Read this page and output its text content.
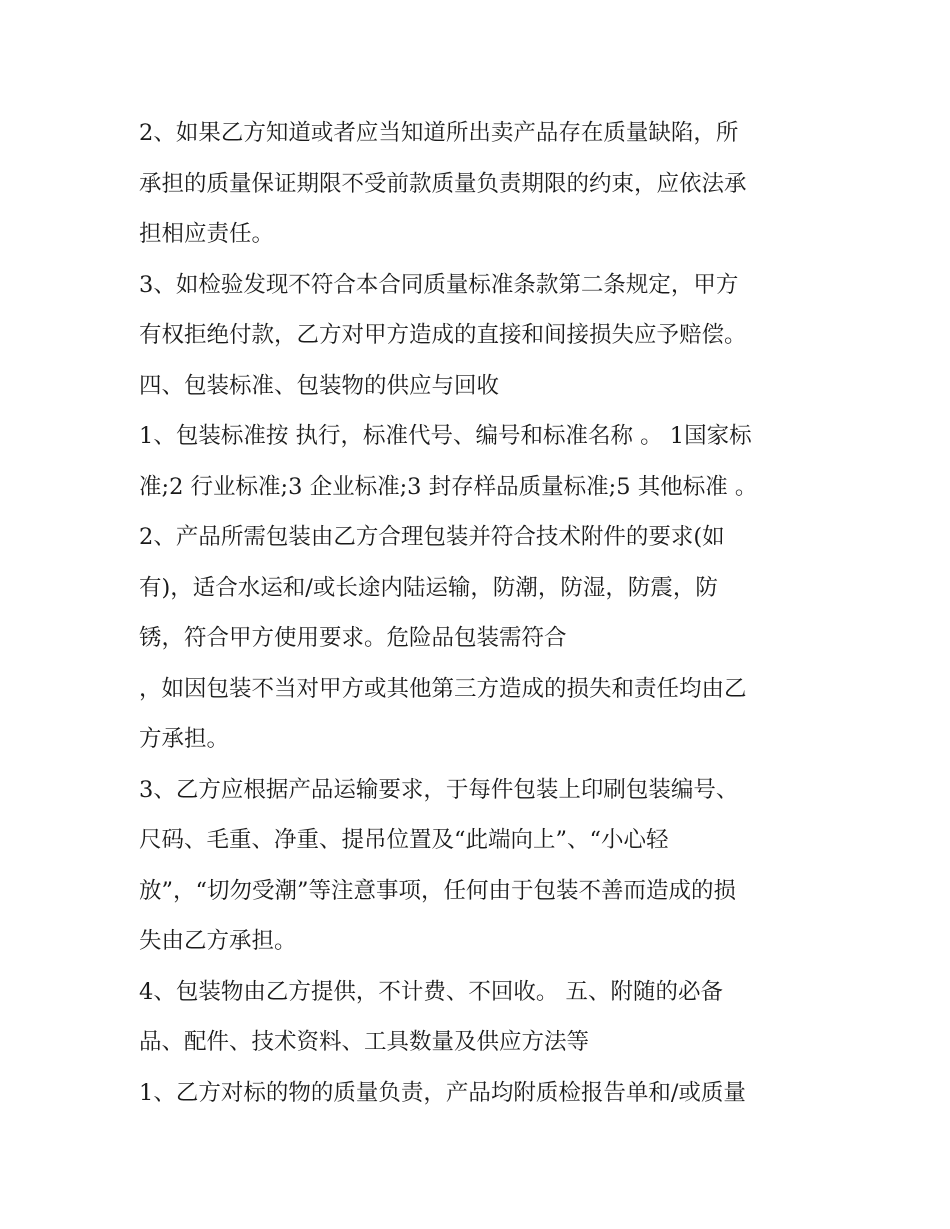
2、如果乙方知道或者应当知道所出卖产品存在质量缺陷，所
承担的质量保证期限不受前款质量负责期限的约束，应依法承
担相应责任。
3、如检验发现不符合本合同质量标准条款第二条规定，甲方
有权拒绝付款，乙方对甲方造成的直接和间接损失应予赔偿。
四、包装标准、包装物的供应与回收
1、包装标准按 执行，标准代号、编号和标准名称 。 1国家标
准;2 行业标准;3 企业标准;3 封存样品质量标准;5 其他标准 。
2、产品所需包装由乙方合理包装并符合技术附件的要求(如
有)，适合水运和/或长途内陆运输，防潮，防湿，防震，防
锈，符合甲方使用要求。危险品包装需符合
，如因包装不当对甲方或其他第三方造成的损失和责任均由乙
方承担。
3、乙方应根据产品运输要求，于每件包装上印刷包装编号、
尺码、毛重、净重、提吊位置及“此端向上”、“小心轻
放”，“切勿受潮”等注意事项，任何由于包装不善而造成的损
失由乙方承担。
4、包装物由乙方提供，不计费、不回收。 五、附随的必备
品、配件、技术资料、工具数量及供应方法等
1、乙方对标的物的质量负责，产品均附质检报告单和/或质量
